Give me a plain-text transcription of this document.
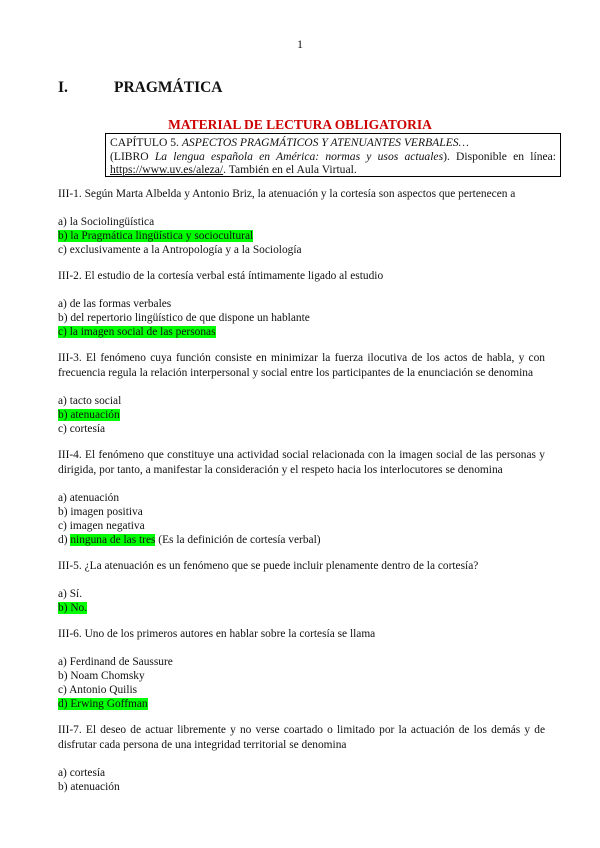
1
I.	PRAGMÁTICA
MATERIAL DE LECTURA OBLIGATORIA
CAPÍTULO 5. ASPECTOS PRAGMÁTICOS Y ATENUANTES VERBALES…
(LIBRO La lengua española en América: normas y usos actuales). Disponible en línea:
https://www.uv.es/aleza/. También en el Aula Virtual.

III-1. Según Marta Albelda y Antonio Briz, la atenuación y la cortesía son aspectos que pertenecen a

a) la Sociolingüística
b) la Pragmática lingüística y sociocultural
c) exclusivamente a la Antropología y a la Sociología

III-2. El estudio de la cortesía verbal está íntimamente ligado al estudio

a) de las formas verbales
b) del repertorio lingüístico de que dispone un hablante
c) la imagen social de las personas

III-3. El fenómeno cuya función consiste en minimizar la fuerza ilocutiva de los actos de habla, y con frecuencia regula la relación interpersonal y social entre los participantes de la enunciación se denomina

a) tacto social
b) atenuación
c) cortesía

III-4. El fenómeno que constituye una actividad social relacionada con la imagen social de las personas y dirigida, por tanto, a manifestar la consideración y el respeto hacia los interlocutores se denomina

a) atenuación
b) imagen positiva
c) imagen negativa
d) ninguna de las tres (Es la definición de cortesía verbal)

III-5. ¿La atenuación es un fenómeno que se puede incluir plenamente dentro de la cortesía?

a) Sí.
b) No.

III-6. Uno de los primeros autores en hablar sobre la cortesía se llama

a) Ferdinand de Saussure
b) Noam Chomsky
c) Antonio Quilis
d) Erwing Goffman

III-7. El deseo de actuar libremente y no verse coartado o limitado por la actuación de los demás y de disfrutar cada persona de una integridad territorial se denomina

a) cortesía
b) atenuación
